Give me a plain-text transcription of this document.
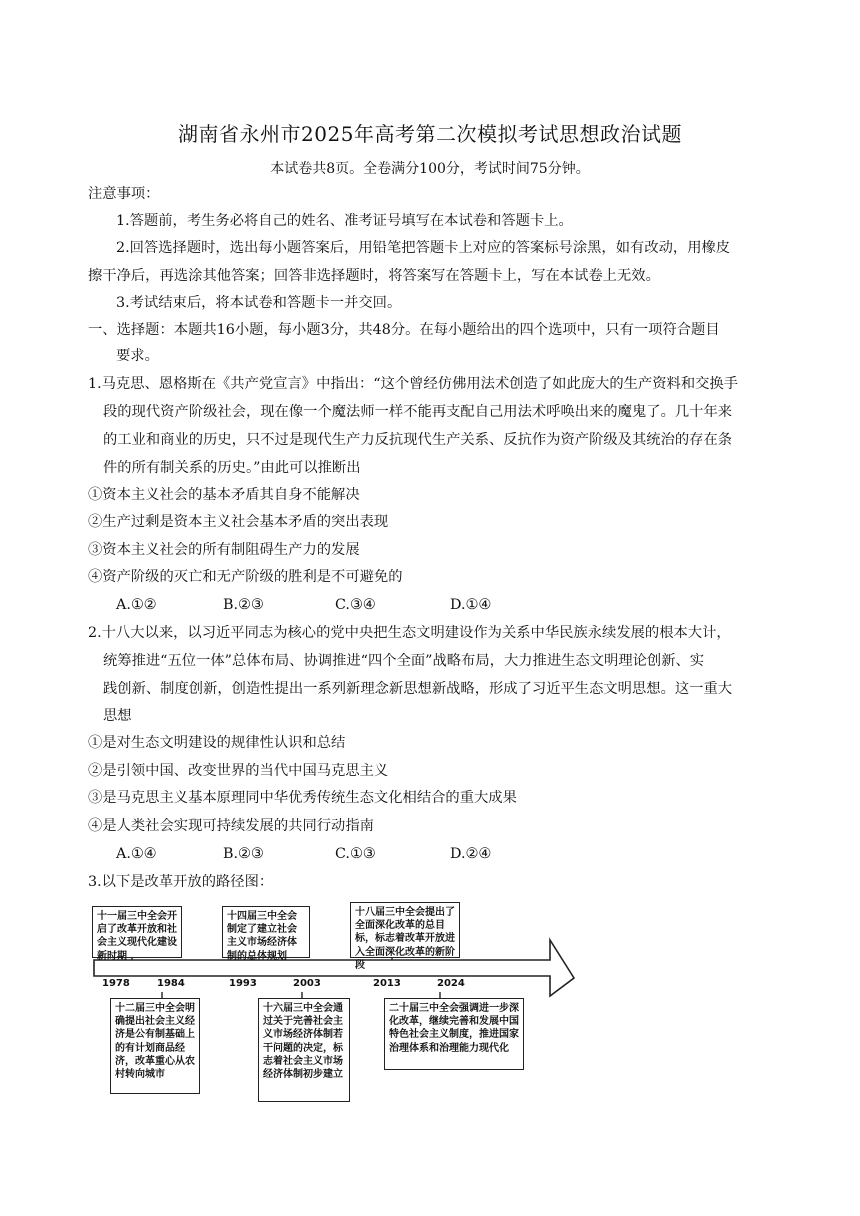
湖南省永州市2025年高考第二次模拟考试思想政治试题
本试卷共8页。全卷满分100分，考试时间75分钟。
注意事项：
1.答题前，考生务必将自己的姓名、准考证号填写在本试卷和答题卡上。
2.回答选择题时，选出每小题答案后，用铅笔把答题卡上对应的答案标号涂黑，如有改动，用橡皮
擦干净后，再选涂其他答案；回答非选择题时，将答案写在答题卡上，写在本试卷上无效。
3.考试结束后，将本试卷和答题卡一并交回。
一、选择题：本题共16小题，每小题3分，共48分。在每小题给出的四个选项中，只有一项符合题目
要求。
1.马克思、恩格斯在《共产党宣言》中指出：“这个曾经仿佛用法术创造了如此庞大的生产资料和交换手
段的现代资产阶级社会，现在像一个魔法师一样不能再支配自己用法术呼唤出来的魔鬼了。几十年来
的工业和商业的历史，只不过是现代生产力反抗现代生产关系、反抗作为资产阶级及其统治的存在条
件的所有制关系的历史。”由此可以推断出
①资本主义社会的基本矛盾其自身不能解决
②生产过剩是资本主义社会基本矛盾的突出表现
③资本主义社会的所有制阻碍生产力的发展
④资产阶级的灭亡和无产阶级的胜利是不可避免的
A.①②	B.②③	C.③④	D.①④
2.十八大以来，以习近平同志为核心的党中央把生态文明建设作为关系中华民族永续发展的根本大计，
统筹推进“五位一体”总体布局、协调推进“四个全面”战略布局，大力推进生态文明理论创新、实
践创新、制度创新，创造性提出一系列新理念新思想新战略，形成了习近平生态文明思想。这一重大
思想
①是对生态文明建设的规律性认识和总结
②是引领中国、改变世界的当代中国马克思主义
③是马克思主义基本原理同中华优秀传统生态文化相结合的重大成果
④是人类社会实现可持续发展的共同行动指南
A.①④	B.②③	C.①③	D.②④
3.以下是改革开放的路径图：
1978	1984	1993	2003	2013	2024
十一届三中全会开启了改革开放和社会主义现代化建设新时期
十四届三中全会制定了建立社会主义市场经济体制的总体规划
十八届三中全会提出了全面深化改革的总目标，标志着改革开放进入全面深化改革的新阶段
十二届三中全会明确提出社会主义经济是公有制基础上的有计划商品经济，改革重心从农村转向城市
十六届三中全会通过关于完善社会主义市场经济体制若干问题的决定，标志着社会主义市场经济体制初步建立
二十届三中全会强调进一步深化改革，继续完善和发展中国特色社会主义制度，推进国家治理体系和治理能力现代化
